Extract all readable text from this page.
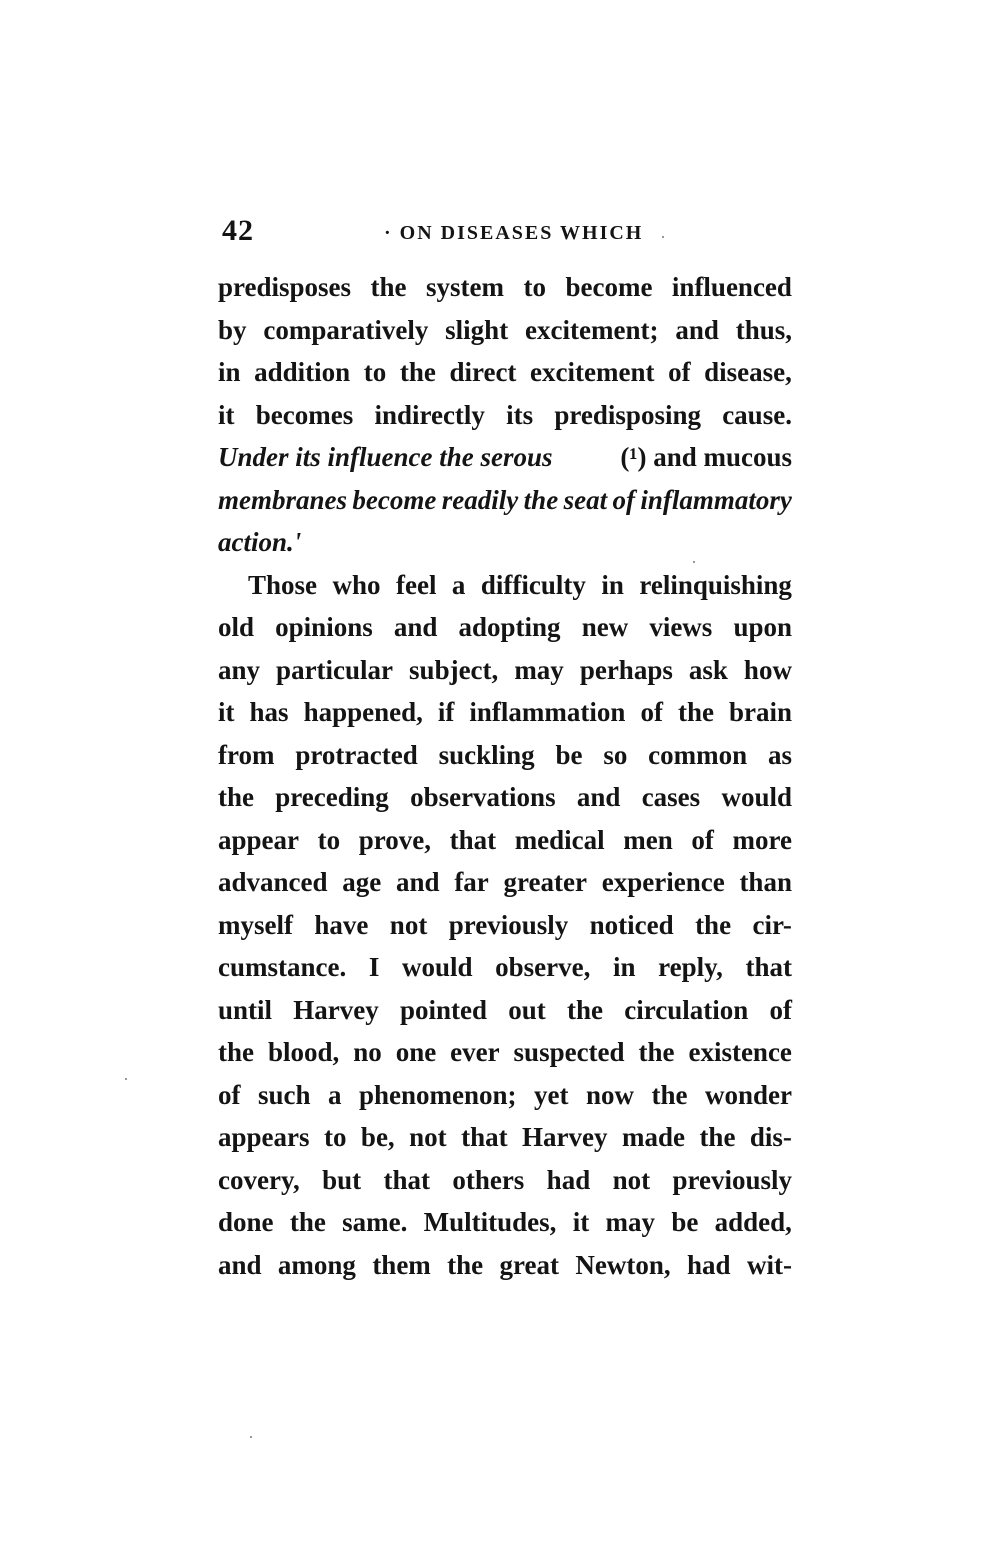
42	· ON DISEASES WHICH
predisposes the system to become influenced
by comparatively slight excitement; and thus,
in addition to the direct excitement of disease,
it becomes indirectly its predisposing cause.
Under its influence the serous	(¹) and mucous
membranes become readily the seat of inflammatory
action.'
Those who feel a difficulty in relinquishing
old opinions and adopting new views upon
any particular subject, may perhaps ask how
it has happened, if inflammation of the brain
from protracted suckling be so common as
the preceding observations and cases would
appear to prove, that medical men of more
advanced age and far greater experience than
myself have not previously noticed the cir-
cumstance. I would observe, in reply, that
until Harvey pointed out the circulation of
the blood, no one ever suspected the existence
of such a phenomenon; yet now the wonder
appears to be, not that Harvey made the dis-
covery, but that others had not previously
done the same. Multitudes, it may be added,
and among them the great Newton, had wit-
